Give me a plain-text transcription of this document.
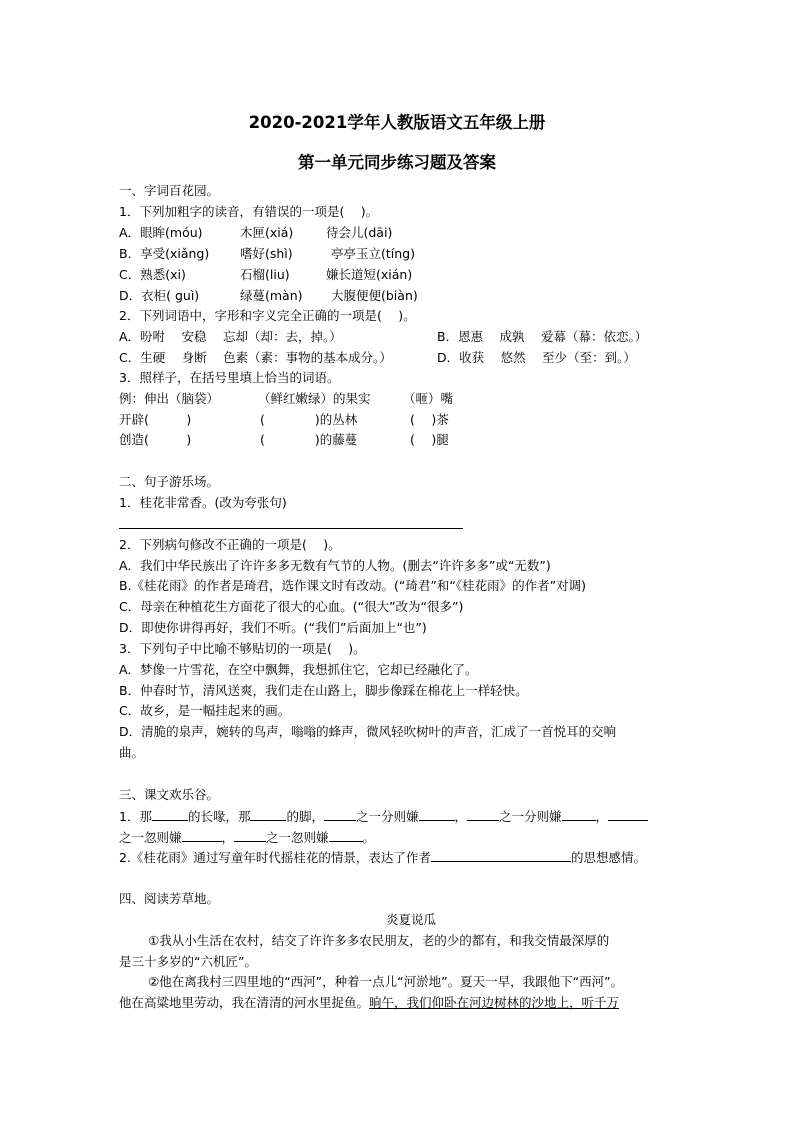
2020-2021学年人教版语文五年级上册
第一单元同步练习题及答案
一、字词百花园。
1．下列加粗字的读音，有错误的一项是(　 )。
A．眼眸(móu)	木匣(xiá)	待会儿(dāi)
B．享受(xiǎng) 嗜好(shì)	亭亭玉立(tíng)
C．熟悉(xi)	石榴(liu)	嫌长道短(xián)
D．衣柜( guì)	绿蔓(màn) 大腹便便(biàn)
2．下列词语中，字形和字义完全正确的一项是(　 )。
A．吩咐　 安稳　 忘却（却：去，掉。）	B．恩惠　 成孰　 爱幕（幕：依恋。）
C．生硬　 身断　 色素（素：事物的基本成分。）	D．收获　 悠然　 至少（至：到。）
3．照样子，在括号里填上恰当的词语。
例：伸出（脑袋）	（鲜红嫩绿）的果实	（咂）嘴
开辟(　　　)	(　　　　)的丛林	(　 )茶
创造(　　　)	(　　　　)的藤蔓	(　 )腿
二、句子游乐场。
1．桂花非常香。(改为夸张句)
2．下列病句修改不正确的一项是(　 )。
A．我们中华民族出了许许多多无数有气节的人物。(删去“许许多多”或“无数”)
B.《桂花雨》的作者是琦君，选作课文时有改动。(“琦君”和“《桂花雨》的作者”对调)
C．母亲在种植花生方面花了很大的心血。(“很大”改为“很多”)
D．即使你讲得再好，我们不听。(“我们”后面加上“也”)
3．下列句子中比喻不够贴切的一项是(　 )。
A．梦像一片雪花，在空中飘舞，我想抓住它，它却已经融化了。
B．仲春时节，清风送爽，我们走在山路上，脚步像踩在棉花上一样轻快。
C．故乡，是一幅挂起来的画。
D．清脆的泉声，婉转的鸟声，嗡嗡的蜂声，微风轻吹树叶的声音，汇成了一首悦耳的交响
曲。
三、课文欢乐谷。
1．那	的长喙，那	的脚，	之一分则嫌	，	之一分则嫌	，
之一忽则嫌	，	之一忽则嫌	。
2.《桂花雨》通过写童年时代摇桂花的情景，表达了作者	的思想感情。
四、阅读芳草地。
炎夏说瓜
①我从小生活在农村，结交了许许多多农民朋友，老的少的都有，和我交情最深厚的
是三十多岁的“六机匠”。
②他在离我村三四里地的“西河”，种着一点儿“河淤地”。夏天一早，我跟他下“西河”。
他在高粱地里劳动，我在清清的河水里捉鱼。晌午，我们仰卧在河边树林的沙地上，听千万
